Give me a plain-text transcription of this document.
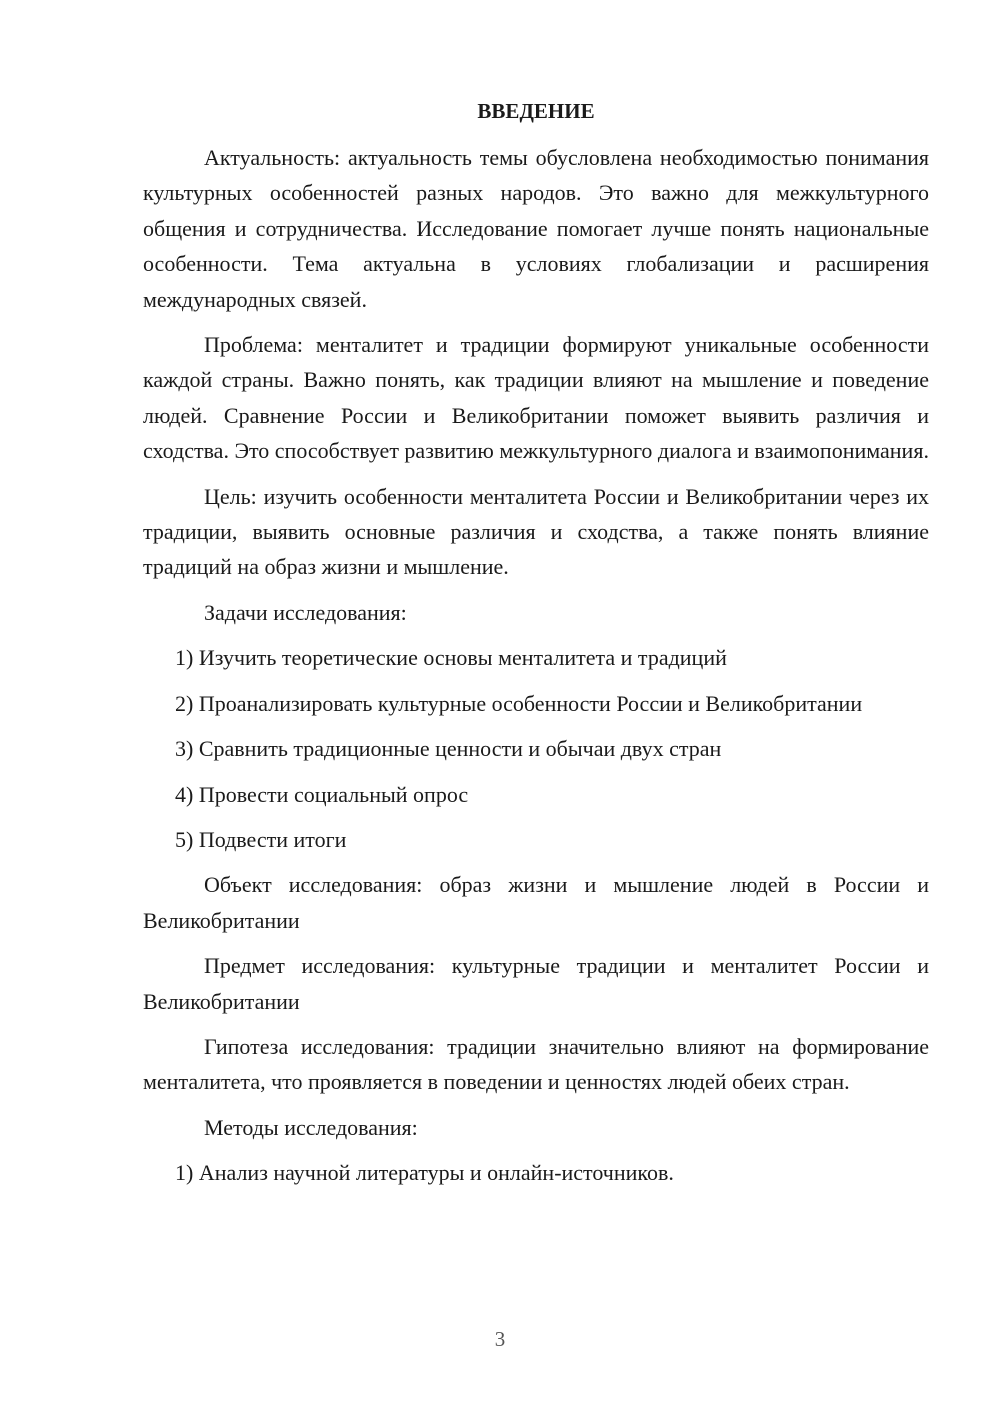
ВВЕДЕНИЕ

Актуальность: актуальность темы обусловлена необходимостью понимания культурных особенностей разных народов. Это важно для межкультурного общения и сотрудничества. Исследование помогает лучше понять национальные особенности. Тема актуальна в условиях глобализации и расширения международных связей.

Проблема: менталитет и традиции формируют уникальные особенности каждой страны. Важно понять, как традиции влияют на мышление и поведение людей. Сравнение России и Великобритании поможет выявить различия и сходства. Это способствует развитию межкультурного диалога и взаимопонимания.

Цель: изучить особенности менталитета России и Великобритании через их традиции, выявить основные различия и сходства, а также понять влияние традиций на образ жизни и мышление.

Задачи исследования:

1) Изучить теоретические основы менталитета и традиций

2) Проанализировать культурные особенности России и Великобритании

3) Сравнить традиционные ценности и обычаи двух стран

4) Провести социальный опрос

5) Подвести итоги

Объект исследования: образ жизни и мышление людей в России и Великобритании

Предмет исследования: культурные традиции и менталитет России и Великобритании

Гипотеза исследования: традиции значительно влияют на формирование менталитета, что проявляется в поведении и ценностях людей обеих стран.

Методы исследования:

1) Анализ научной литературы и онлайн-источников.

3
